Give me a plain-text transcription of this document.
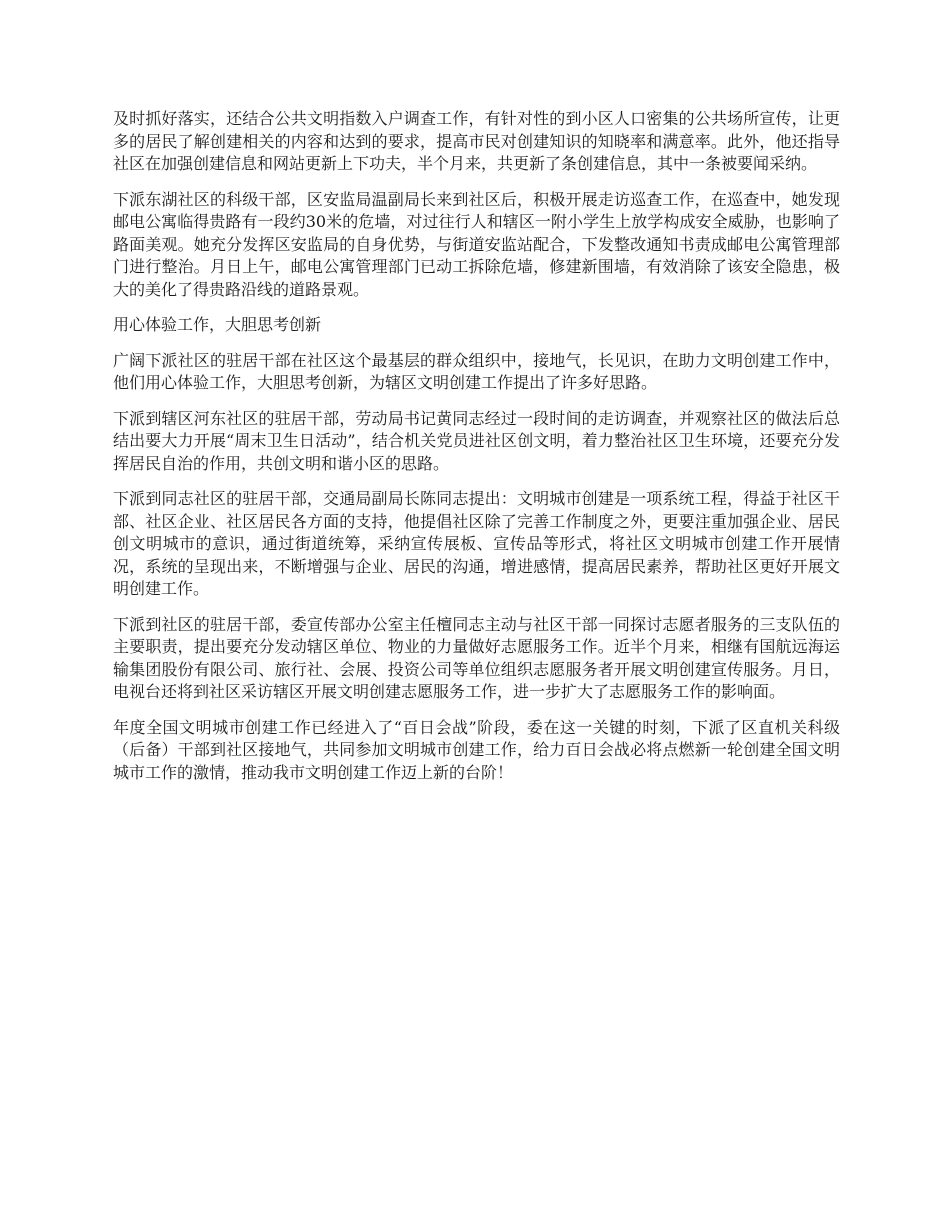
及时抓好落实，还结合公共文明指数入户调查工作，有针对性的到小区人口密集的公共场所宣传，让更多的居民了解创建相关的内容和达到的要求，提高市民对创建知识的知晓率和满意率。此外，他还指导社区在加强创建信息和网站更新上下功夫，半个月来，共更新了条创建信息，其中一条被要闻采纳。

下派东湖社区的科级干部，区安监局温副局长来到社区后，积极开展走访巡查工作，在巡查中，她发现邮电公寓临得贵路有一段约30米的危墙，对过往行人和辖区一附小学生上放学构成安全威胁，也影响了路面美观。她充分发挥区安监局的自身优势，与街道安监站配合，下发整改通知书责成邮电公寓管理部门进行整治。月日上午，邮电公寓管理部门已动工拆除危墙，修建新围墙，有效消除了该安全隐患，极大的美化了得贵路沿线的道路景观。

用心体验工作，大胆思考创新

广阔下派社区的驻居干部在社区这个最基层的群众组织中，接地气，长见识，在助力文明创建工作中，他们用心体验工作，大胆思考创新，为辖区文明创建工作提出了许多好思路。

下派到辖区河东社区的驻居干部，劳动局书记黄同志经过一段时间的走访调查，并观察社区的做法后总结出要大力开展“周末卫生日活动”，结合机关党员进社区创文明，着力整治社区卫生环境，还要充分发挥居民自治的作用，共创文明和谐小区的思路。

下派到同志社区的驻居干部，交通局副局长陈同志提出：文明城市创建是一项系统工程，得益于社区干部、社区企业、社区居民各方面的支持，他提倡社区除了完善工作制度之外，更要注重加强企业、居民创文明城市的意识，通过街道统筹，采纳宣传展板、宣传品等形式，将社区文明城市创建工作开展情况，系统的呈现出来，不断增强与企业、居民的沟通，增进感情，提高居民素养，帮助社区更好开展文明创建工作。

下派到社区的驻居干部，委宣传部办公室主任檀同志主动与社区干部一同探讨志愿者服务的三支队伍的主要职责，提出要充分发动辖区单位、物业的力量做好志愿服务工作。近半个月来，相继有国航远海运输集团股份有限公司、旅行社、会展、投资公司等单位组织志愿服务者开展文明创建宣传服务。月日，电视台还将到社区采访辖区开展文明创建志愿服务工作，进一步扩大了志愿服务工作的影响面。

年度全国文明城市创建工作已经进入了“百日会战”阶段，委在这一关键的时刻，下派了区直机关科级（后备）干部到社区接地气，共同参加文明城市创建工作，给力百日会战必将点燃新一轮创建全国文明城市工作的激情，推动我市文明创建工作迈上新的台阶！
